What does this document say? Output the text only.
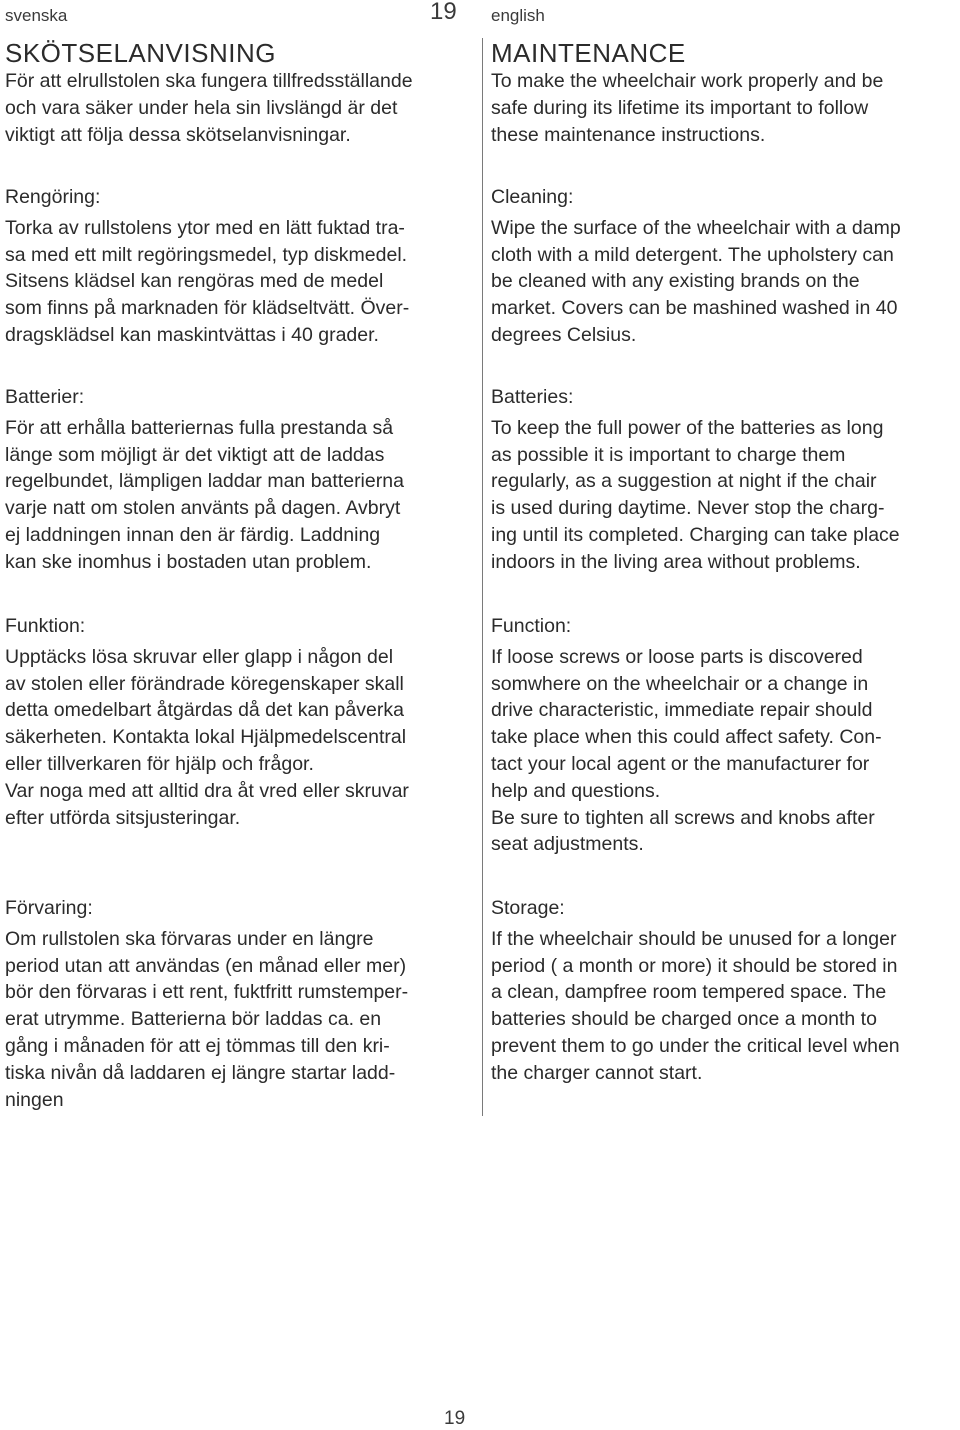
svenska	19 english
SKÖTSELANVISNING
För att elrullstolen ska fungera tillfredsställande
och vara säker under hela sin livslängd är det
viktigt att följa dessa skötselanvisningar.
Rengöring:
Torka av rullstolens ytor med en lätt fuktad tra-
sa med ett milt regöringsmedel, typ diskmedel.
Sitsens klädsel kan rengöras med de medel
som finns på marknaden för klädseltvätt. Över-
dragsklädsel kan maskintvättas i 40 grader.
Batterier:
För att erhålla batteriernas fulla prestanda så
länge som möjligt är det viktigt att de laddas
regelbundet, lämpligen laddar man batterierna
varje natt om stolen använts på dagen. Avbryt
ej laddningen innan den är färdig. Laddning
kan ske inomhus i bostaden utan problem.
Funktion:
Upptäcks lösa skruvar eller glapp i någon del
av stolen eller förändrade köregenskaper skall
detta omedelbart åtgärdas då det kan påverka
säkerheten. Kontakta lokal Hjälpmedelscentral
eller tillverkaren för hjälp och frågor.
Var noga med att alltid dra åt vred eller skruvar
efter utförda sitsjusteringar.
Förvaring:
Om rullstolen ska förvaras under en längre
period utan att användas (en månad eller mer)
bör den förvaras i ett rent, fuktfritt rumstemper-
erat utrymme. Batterierna bör laddas ca. en
gång i månaden för att ej tömmas till den kri-
tiska nivån då laddaren ej längre startar ladd-
ningen
MAINTENANCE
To make the wheelchair work properly and be
safe during its lifetime its important to follow
these maintenance instructions.
Cleaning:
Wipe the surface of the wheelchair with a damp
cloth with a mild detergent. The upholstery can
be cleaned with any existing brands on the
market. Covers can be mashined washed in 40
degrees Celsius.
Batteries:
To keep the full power of the batteries as long
as possible it is important to charge them
regularly, as a suggestion at night if the chair
is used during daytime. Never stop the charg-
ing until its completed. Charging can take place
indoors in the living area without problems.
Function:
If loose screws or loose parts is discovered
somwhere on the wheelchair or a change in
drive characteristic, immediate repair should
take place when this could affect safety. Con-
tact your local agent or the manufacturer for
help and questions.
Be sure to tighten all screws and knobs after
seat adjustments.
Storage:
If the wheelchair should be unused for a longer
period ( a month or more) it should be stored in
a clean, dampfree room tempered space. The
batteries should be charged once a month to
prevent them to go under the critical level when
the charger cannot start.
19
